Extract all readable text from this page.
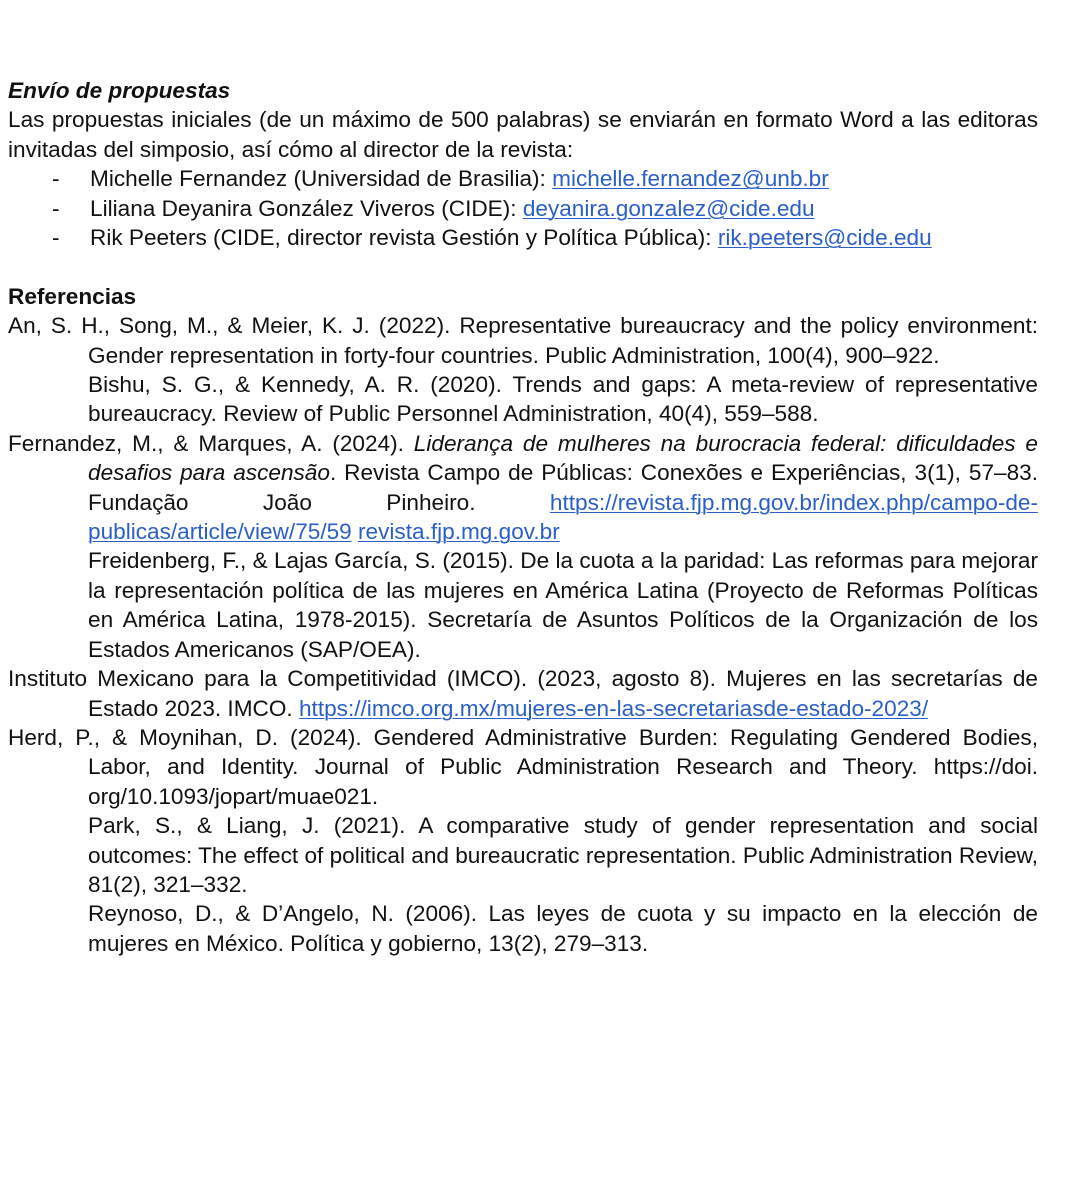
Envío de propuestas

Las propuestas iniciales (de un máximo de 500 palabras) se enviarán en formato Word a las editoras invitadas del simposio, así cómo al director de la revista:

- Michelle Fernandez (Universidad de Brasilia): michelle.fernandez@unb.br
- Liliana Deyanira González Viveros (CIDE): deyanira.gonzalez@cide.edu
- Rik Peeters (CIDE, director revista Gestión y Política Pública): rik.peeters@cide.edu

Referencias

An, S. H., Song, M., & Meier, K. J. (2022). Representative bureaucracy and the policy environment: Gender representation in forty-four countries. Public Administration, 100(4), 900–922.

Bishu, S. G., & Kennedy, A. R. (2020). Trends and gaps: A meta-review of representative bureaucracy. Review of Public Personnel Administration, 40(4), 559–588.

Fernandez, M., & Marques, A. (2024). Liderança de mulheres na burocracia federal: dificuldades e desafios para ascensão. Revista Campo de Públicas: Conexões e Experiências, 3(1), 57–83. Fundação João Pinheiro. https://revista.fjp.mg.gov.br/index.php/campo-de-publicas/article/view/75/59 revista.fjp.mg.gov.br

Freidenberg, F., & Lajas García, S. (2015). De la cuota a la paridad: Las reformas para mejorar la representación política de las mujeres en América Latina (Proyecto de Reformas Políticas en América Latina, 1978-2015). Secretaría de Asuntos Políticos de la Organización de los Estados Americanos (SAP/OEA).

Instituto Mexicano para la Competitividad (IMCO). (2023, agosto 8). Mujeres en las secretarías de Estado 2023. IMCO. https://imco.org.mx/mujeres-en-las-secretariasde-estado-2023/

Herd, P., & Moynihan, D. (2024). Gendered Administrative Burden: Regulating Gendered Bodies, Labor, and Identity. Journal of Public Administration Research and Theory. https://doi. org/10.1093/jopart/muae021.

Park, S., & Liang, J. (2021). A comparative study of gender representation and social outcomes: The effect of political and bureaucratic representation. Public Administration Review, 81(2), 321–332.

Reynoso, D., & D’Angelo, N. (2006). Las leyes de cuota y su impacto en la elección de mujeres en México. Política y gobierno, 13(2), 279–313.
